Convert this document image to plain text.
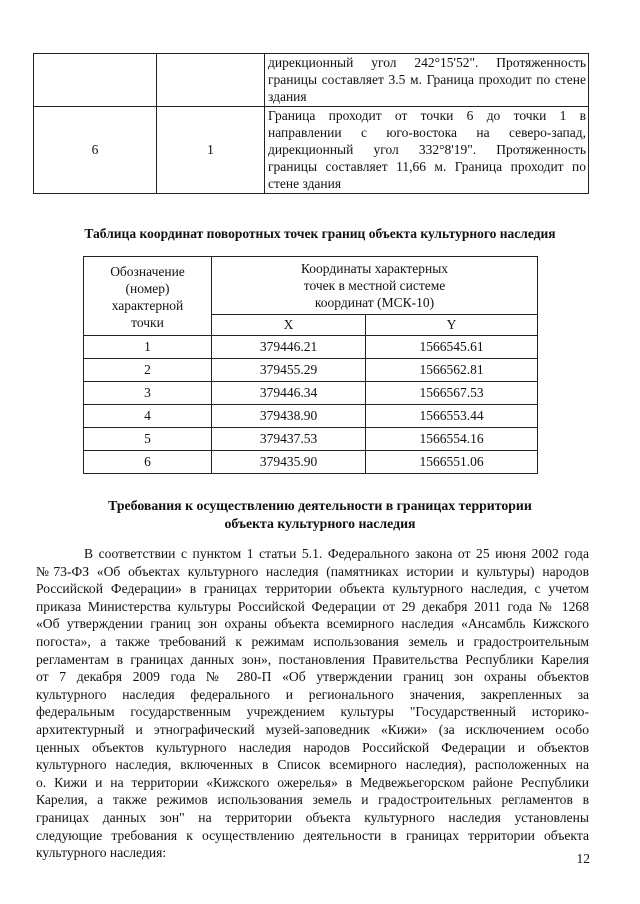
		дирекционный угол 242°15'52". Протяженность
границы составляет 3.5 м. Граница проходит по стене
здания

6	1	Граница проходит от точки 6 до точки 1 в
направлении с юго-востока на северо-запад,
дирекционный угол 332°8'19". Протяженность
границы составляет 11,66 м. Граница проходит по
стене здания
Таблица координат поворотных точек границ объекта культурного наследия
Обозначение
(номер)
характерной
точки	Координаты характерных
точек в местной системе
координат (МСК-10)	
	X	Y
1	379446.21	1566545.61
2	379455.29	1566562.81
3	379446.34	1566567.53
4	379438.90	1566553.44
5	379437.53	1566554.16
6	379435.90	1566551.06
Требования к осуществлению деятельности в границах территории
объекта культурного наследия
В соответствии с пунктом 1 статьи 5.1. Федерального закона от 25 июня 2002 года
№73-ФЗ «Об объектах культурного наследия (памятниках истории и культуры) народов
Российской Федерации» в границах территории объекта культурного наследия, с учетом
приказа Министерства культуры Российской Федерации от 29 декабря 2011 года № 1268
«Об утверждении границ зон охраны объекта всемирного наследия «Ансамбль Кижского
погоста», а также требований к режимам использования земель и градостроительным
регламентам в границах данных зон», постановления Правительства Республики Карелия
от 7 декабря 2009 года № 280-П «Об утверждении границ зон охраны объектов
культурного наследия федерального и регионального значения, закрепленных за
федеральным государственным учреждением культуры "Государственный историко-
архитектурный и этнографический музей-заповедник «Кижи» (за исключением особо
ценных объектов культурного наследия народов Российской Федерации и объектов
культурного наследия, включенных в Список всемирного наследия), расположенных на
о. Кижи и на территории «Кижского ожерелья» в Медвежьегорском районе Республики
Карелия, а также режимов использования земель и градостроительных регламентов в
границах данных зон" на территории объекта культурного наследия установлены
следующие требования к осуществлению деятельности в границах территории объекта
культурного наследия:	12
